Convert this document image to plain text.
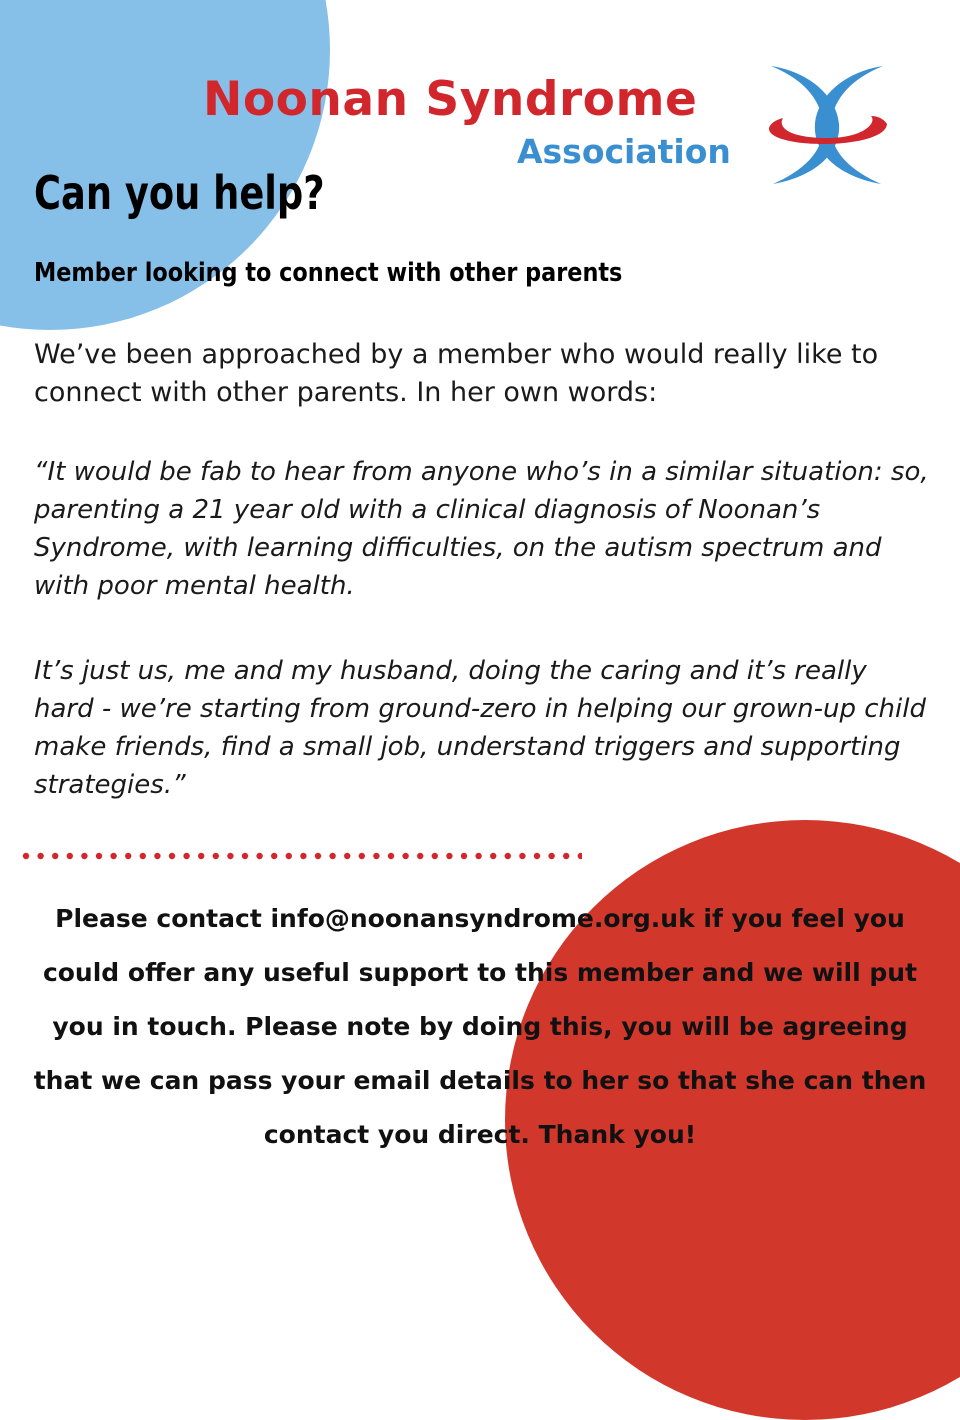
Noonan Syndrome
Association
Can you help?
Member looking to connect with other parents

We’ve been approached by a member who would really like to connect with other parents. In her own words:

“It would be fab to hear from anyone who’s in a similar situation: so, parenting a 21 year old with a clinical diagnosis of Noonan’s Syndrome, with learning difficulties, on the autism spectrum and with poor mental health.

It’s just us, me and my husband, doing the caring and it’s really hard - we’re starting from ground-zero in helping our grown-up child make friends, find a small job, understand triggers and supporting strategies.”

Please contact info@noonansyndrome.org.uk if you feel you could offer any useful support to this member and we will put you in touch. Please note by doing this, you will be agreeing that we can pass your email details to her so that she can then contact you direct. Thank you!
